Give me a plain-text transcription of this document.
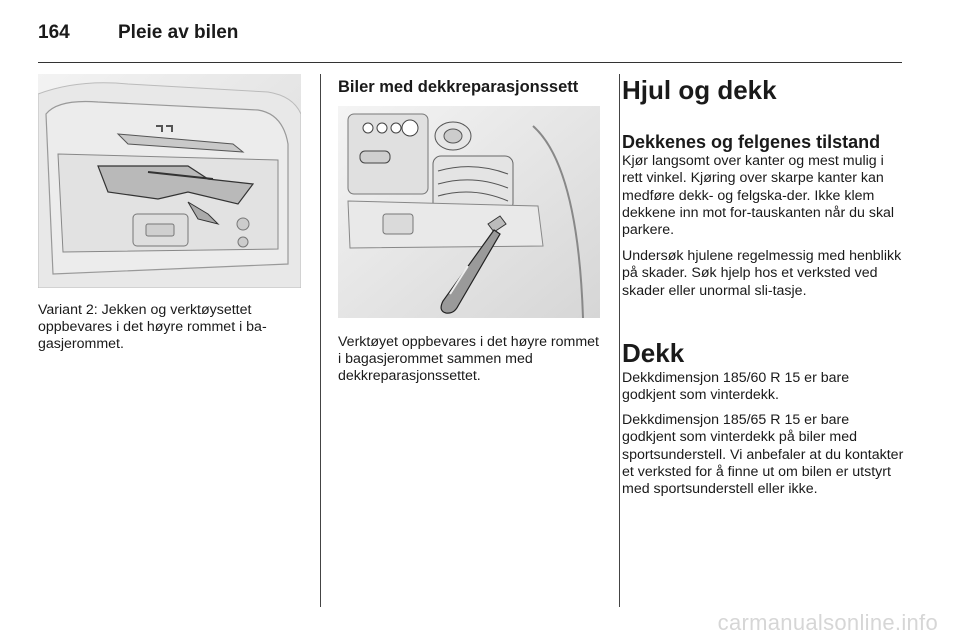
164	Pleie av bilen
Variant 2: Jekken og verktøysettet oppbevares i det høyre rommet i ba-gasjerommet.
Biler med dekkreparasjonssett
Verktøyet oppbevares i det høyre rommet i bagasjerommet sammen med dekkreparasjonssettet.
Hjul og dekk
Dekkenes og felgenes tilstand
Kjør langsomt over kanter og mest mulig i rett vinkel. Kjøring over skarpe kanter kan medføre dekk- og felgska-der. Ikke klem dekkene inn mot for-tauskanten når du skal parkere.
Undersøk hjulene regelmessig med henblikk på skader. Søk hjelp hos et verksted ved skader eller unormal sli-tasje.
Dekk
Dekkdimensjon 185/60 R 15 er bare godkjent som vinterdekk.
Dekkdimensjon 185/65 R 15 er bare godkjent som vinterdekk på biler med sportsunderstell. Vi anbefaler at du kontakter et verksted for å finne ut om bilen er utstyrt med sportsunderstell eller ikke.
carmanualsonline.info
